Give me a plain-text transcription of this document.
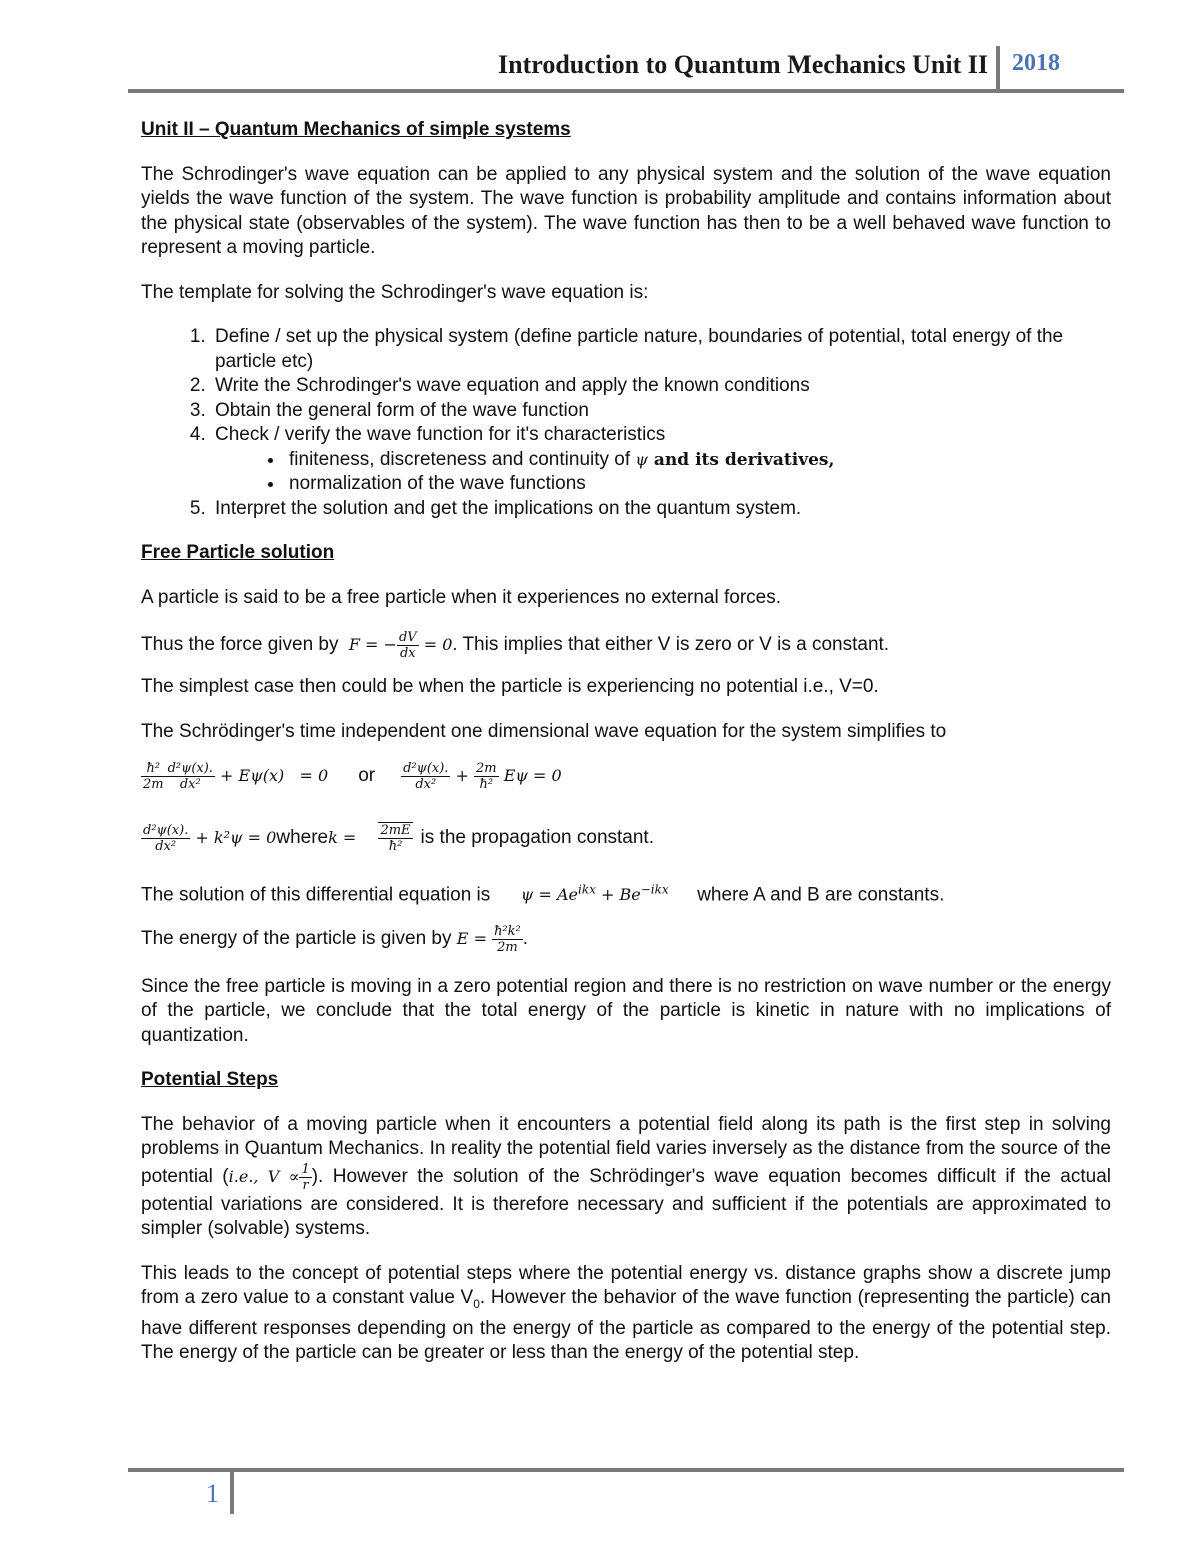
Introduction to Quantum Mechanics Unit II 2018
Unit II – Quantum Mechanics of simple systems

The Schrodinger's wave equation can be applied to any physical system and the solution of the wave equation yields the wave function of the system. The wave function is probability amplitude and contains information about the physical state (observables of the system). The wave function has then to be a well behaved wave function to represent a moving particle.

The template for solving the Schrodinger's wave equation is:

1. Define / set up the physical system (define particle nature, boundaries of potential, total energy of the particle etc)
2. Write the Schrodinger's wave equation and apply the known conditions
3. Obtain the general form of the wave function
4. Check / verify the wave function for it's characteristics
• finiteness, discreteness and continuity of ψ and its derivatives,
• normalization of the wave functions
5. Interpret the solution and get the implications on the quantum system.
Free Particle solution

A particle is said to be a free particle when it experiences no external forces.

Thus the force given by  F = − $\frac{dV}{dx} = 0$. This implies that either V is zero or V is a constant.

The simplest case then could be when the particle is experiencing no potential i.e., V=0.

The Schrödinger's time independent one dimensional wave equation for the system simplifies to

$\frac{\text{ħ²}}{2m} \frac{\text{d²ψ(x).}}{\text{dx²}} + E\psi(x) = 0$ or $\frac{\text{d²ψ(x).}}{\text{dx²}} + \frac{2m}{\text{ħ²}}$ Eψ = 0
$\frac{\text{d²ψ(x).}}{\text{dx²}} + k^2\psi = 0$ where $k = \frac{2mE}{\text{ħ²}}$ is the propagation constant.

The solution of this differential equation is $\psi = Ae^{ikx} + Be^{-ikx}$ where A and B are constants.

The energy of the particle is given by $E = \frac{\text{ħ²k²}}{2m}$ .

Since the free particle is moving in a zero potential region and there is no restriction on wave number or the energy of the particle, we conclude that the total energy of the particle is kinetic in nature with no implications of quantization.

Potential Steps

The behavior of a moving particle when it encounters a potential field along its path is the first step in solving problems in Quantum Mechanics. In reality the potential field varies inversely as the distance from the source of the potential (i.e., $V \propto \frac{1}{r}$ ). However the solution of the Schrödinger's wave equation becomes difficult if the actual potential variations are considered. It is therefore necessary and sufficient if the potentials are approximated to simpler (solvable) systems.

This leads to the concept of potential steps where the potential energy vs. distance graphs show a discrete jump from a zero value to a constant value $V_0$. However the behavior of the wave function (representing the particle) can have different responses depending on the energy of the particle as compared to the energy of the potential step. The energy of the particle can be greater or less than the energy of the potential step.

1
